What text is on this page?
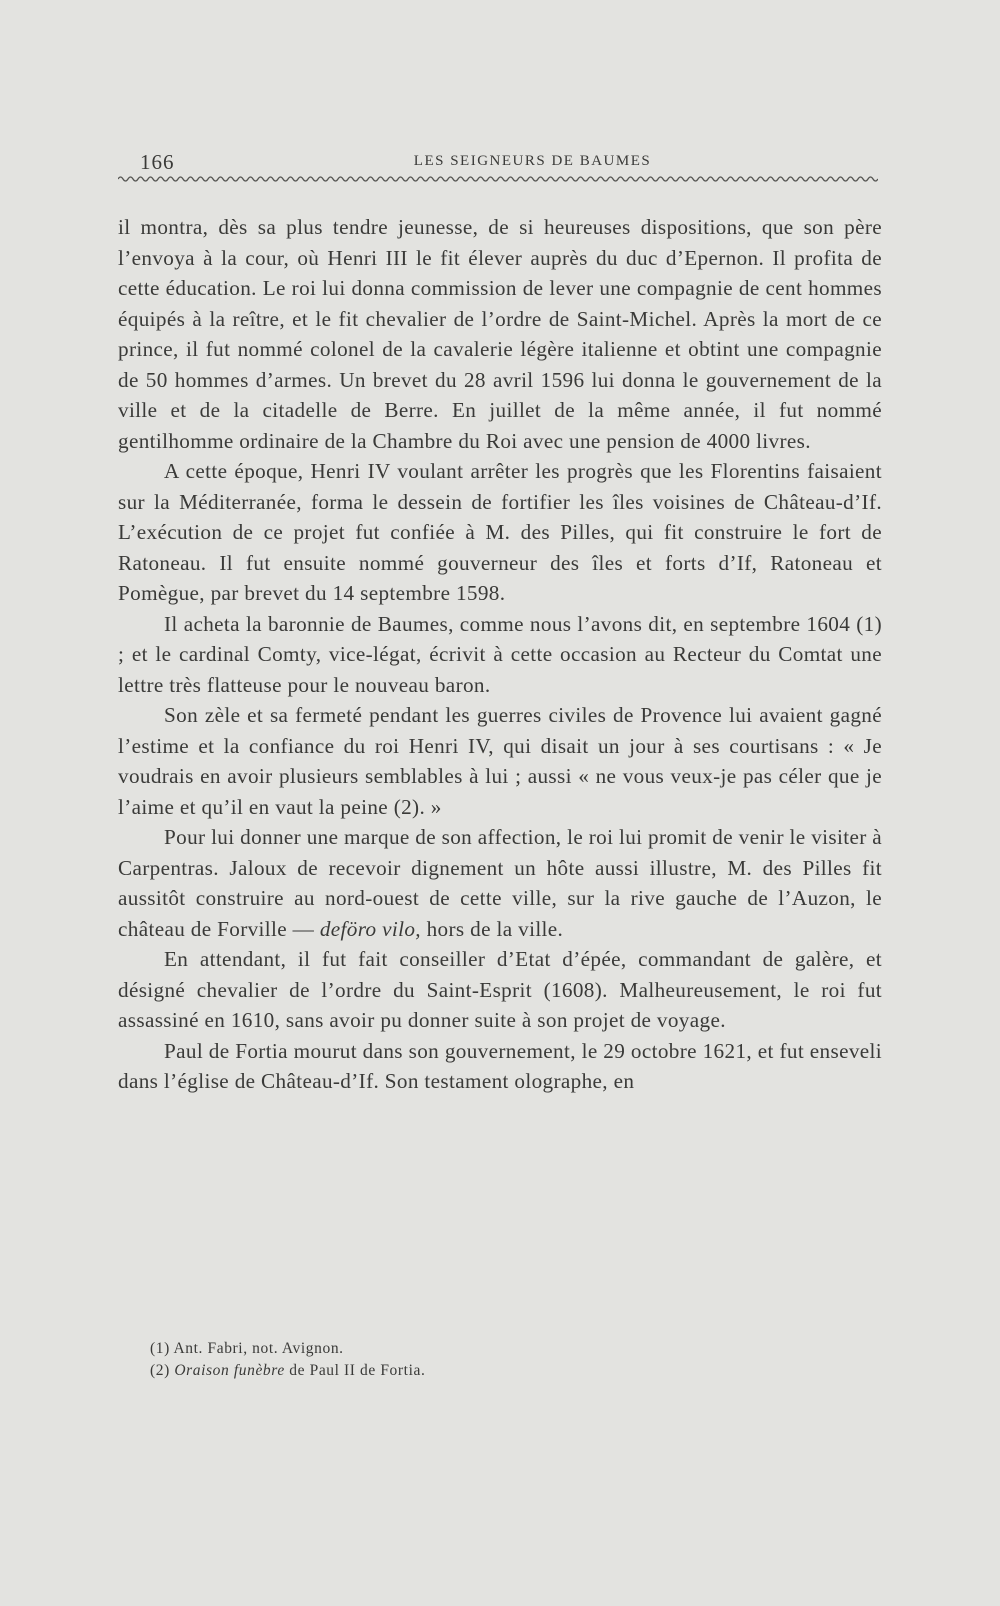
166	LES SEIGNEURS DE BAUMES

il montra, dès sa plus tendre jeunesse, de si heureuses dispositions, que son père l’envoya à la cour, où Henri III le fit élever auprès du duc d’Epernon. Il profita de cette éducation. Le roi lui donna commission de lever une compagnie de cent hommes équipés à la reître, et le fit chevalier de l’ordre de Saint-Michel. Après la mort de ce prince, il fut nommé colonel de la cavalerie légère italienne et obtint une compagnie de 50 hommes d’armes. Un brevet du 28 avril 1596 lui donna le gouvernement de la ville et de la citadelle de Berre. En juillet de la même année, il fut nommé gentilhomme ordinaire de la Chambre du Roi avec une pension de 4000 livres.

A cette époque, Henri IV voulant arrêter les progrès que les Florentins faisaient sur la Méditerranée, forma le dessein de fortifier les îles voisines de Château-d’If. L’exécution de ce projet fut confiée à M. des Pilles, qui fit construire le fort de Ratoneau. Il fut ensuite nommé gouverneur des îles et forts d’If, Ratoneau et Pomègue, par brevet du 14 septembre 1598.

Il acheta la baronnie de Baumes, comme nous l’avons dit, en septembre 1604 (1) ; et le cardinal Comty, vice-légat, écrivit à cette occasion au Recteur du Comtat une lettre très flatteuse pour le nouveau baron.

Son zèle et sa fermeté pendant les guerres civiles de Provence lui avaient gagné l’estime et la confiance du roi Henri IV, qui disait un jour à ses courtisans : « Je voudrais en avoir plusieurs semblables à lui ; aussi « ne vous veux-je pas céler que je l’aime et qu’il en vaut la peine (2). »

Pour lui donner une marque de son affection, le roi lui promit de venir le visiter à Carpentras. Jaloux de recevoir dignement un hôte aussi illustre, M. des Pilles fit aussitôt construire au nord-ouest de cette ville, sur la rive gauche de l’Auzon, le château de Forville — deföro vilo, hors de la ville.

En attendant, il fut fait conseiller d’Etat d’épée, commandant de galère, et désigné chevalier de l’ordre du Saint-Esprit (1608). Malheureusement, le roi fut assassiné en 1610, sans avoir pu donner suite à son projet de voyage.

Paul de Fortia mourut dans son gouvernement, le 29 octobre 1621, et fut enseveli dans l’église de Château-d’If. Son testament olographe, en

(1) Ant. Fabri, not. Avignon.
(2) Oraison funèbre de Paul II de Fortia.
